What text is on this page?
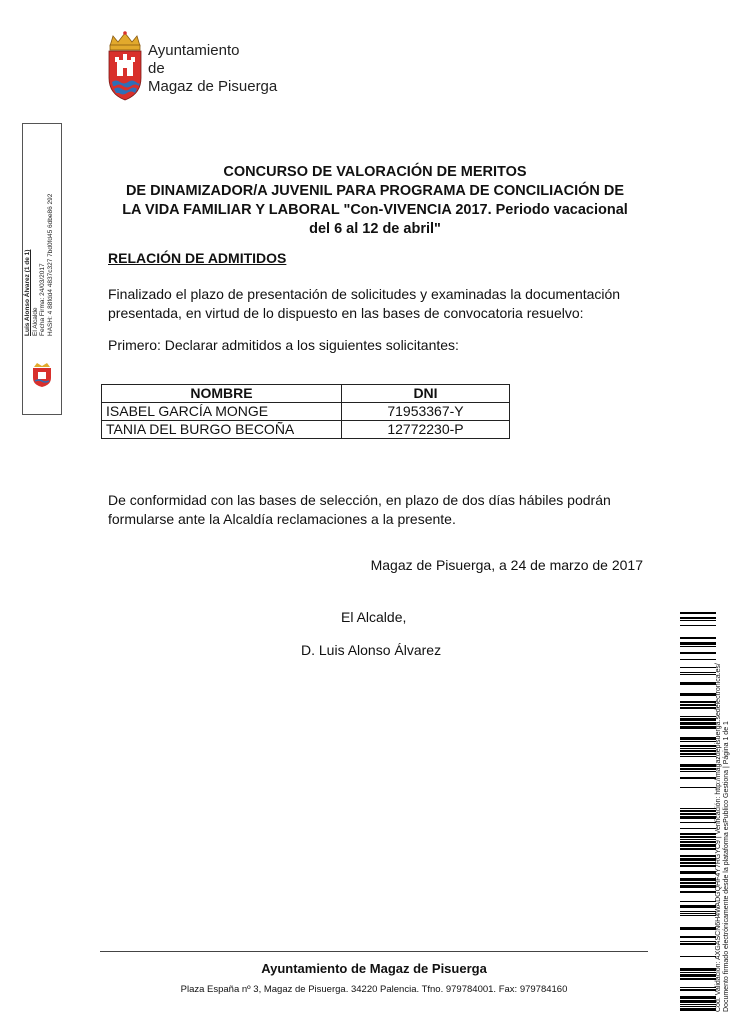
Ayuntamiento
de
Magaz de Pisuerga
Luis Alonso Álvarez (1 de 1) El Alcalde Fecha Firma: 24/03/2017 HASH: 4 88fdd4 4837c327 7bd0fd45 6dbe86 292
CONCURSO DE VALORACIÓN DE MERITOS
DE DINAMIZADOR/A JUVENIL PARA PROGRAMA DE CONCILIACIÓN DE
LA VIDA FAMILIAR Y LABORAL "Con-VIVENCIA 2017. Periodo vacacional
del 6 al 12 de abril"
RELACIÓN DE ADMITIDOS
Finalizado el plazo de presentación de solicitudes y examinadas la documentación
presentada, en virtud de lo dispuesto en las bases de convocatoria resuelvo:
Primero: Declarar admitidos a los siguientes solicitantes:
NOMBRE	DNI
ISABEL GARCÍA MONGE	71953367-Y
TANIA DEL BURGO BECOÑA	12772230-P
De conformidad con las bases de selección, en plazo de dos días hábiles podrán
formularse ante la Alcaldía reclamaciones a la presente.
Magaz de Pisuerga, a 24 de marzo de 2017
El Alcalde,
D. Luis Alonso Álvarez
Ayuntamiento de Magaz de Pisuerga
Plaza España nº 3, Magaz de Pisuerga. 34220 Palencia. Tfno. 979784001. Fax: 979784160	Cód. Validación: AXGASCN6H4WADGQHF4Y7RGYC9 | Verificación: http://magazdepisuerga.sedelectronica.es/ Documento firmado electrónicamente desde la plataforma esPublico Gestiona | Página 1 de 1
